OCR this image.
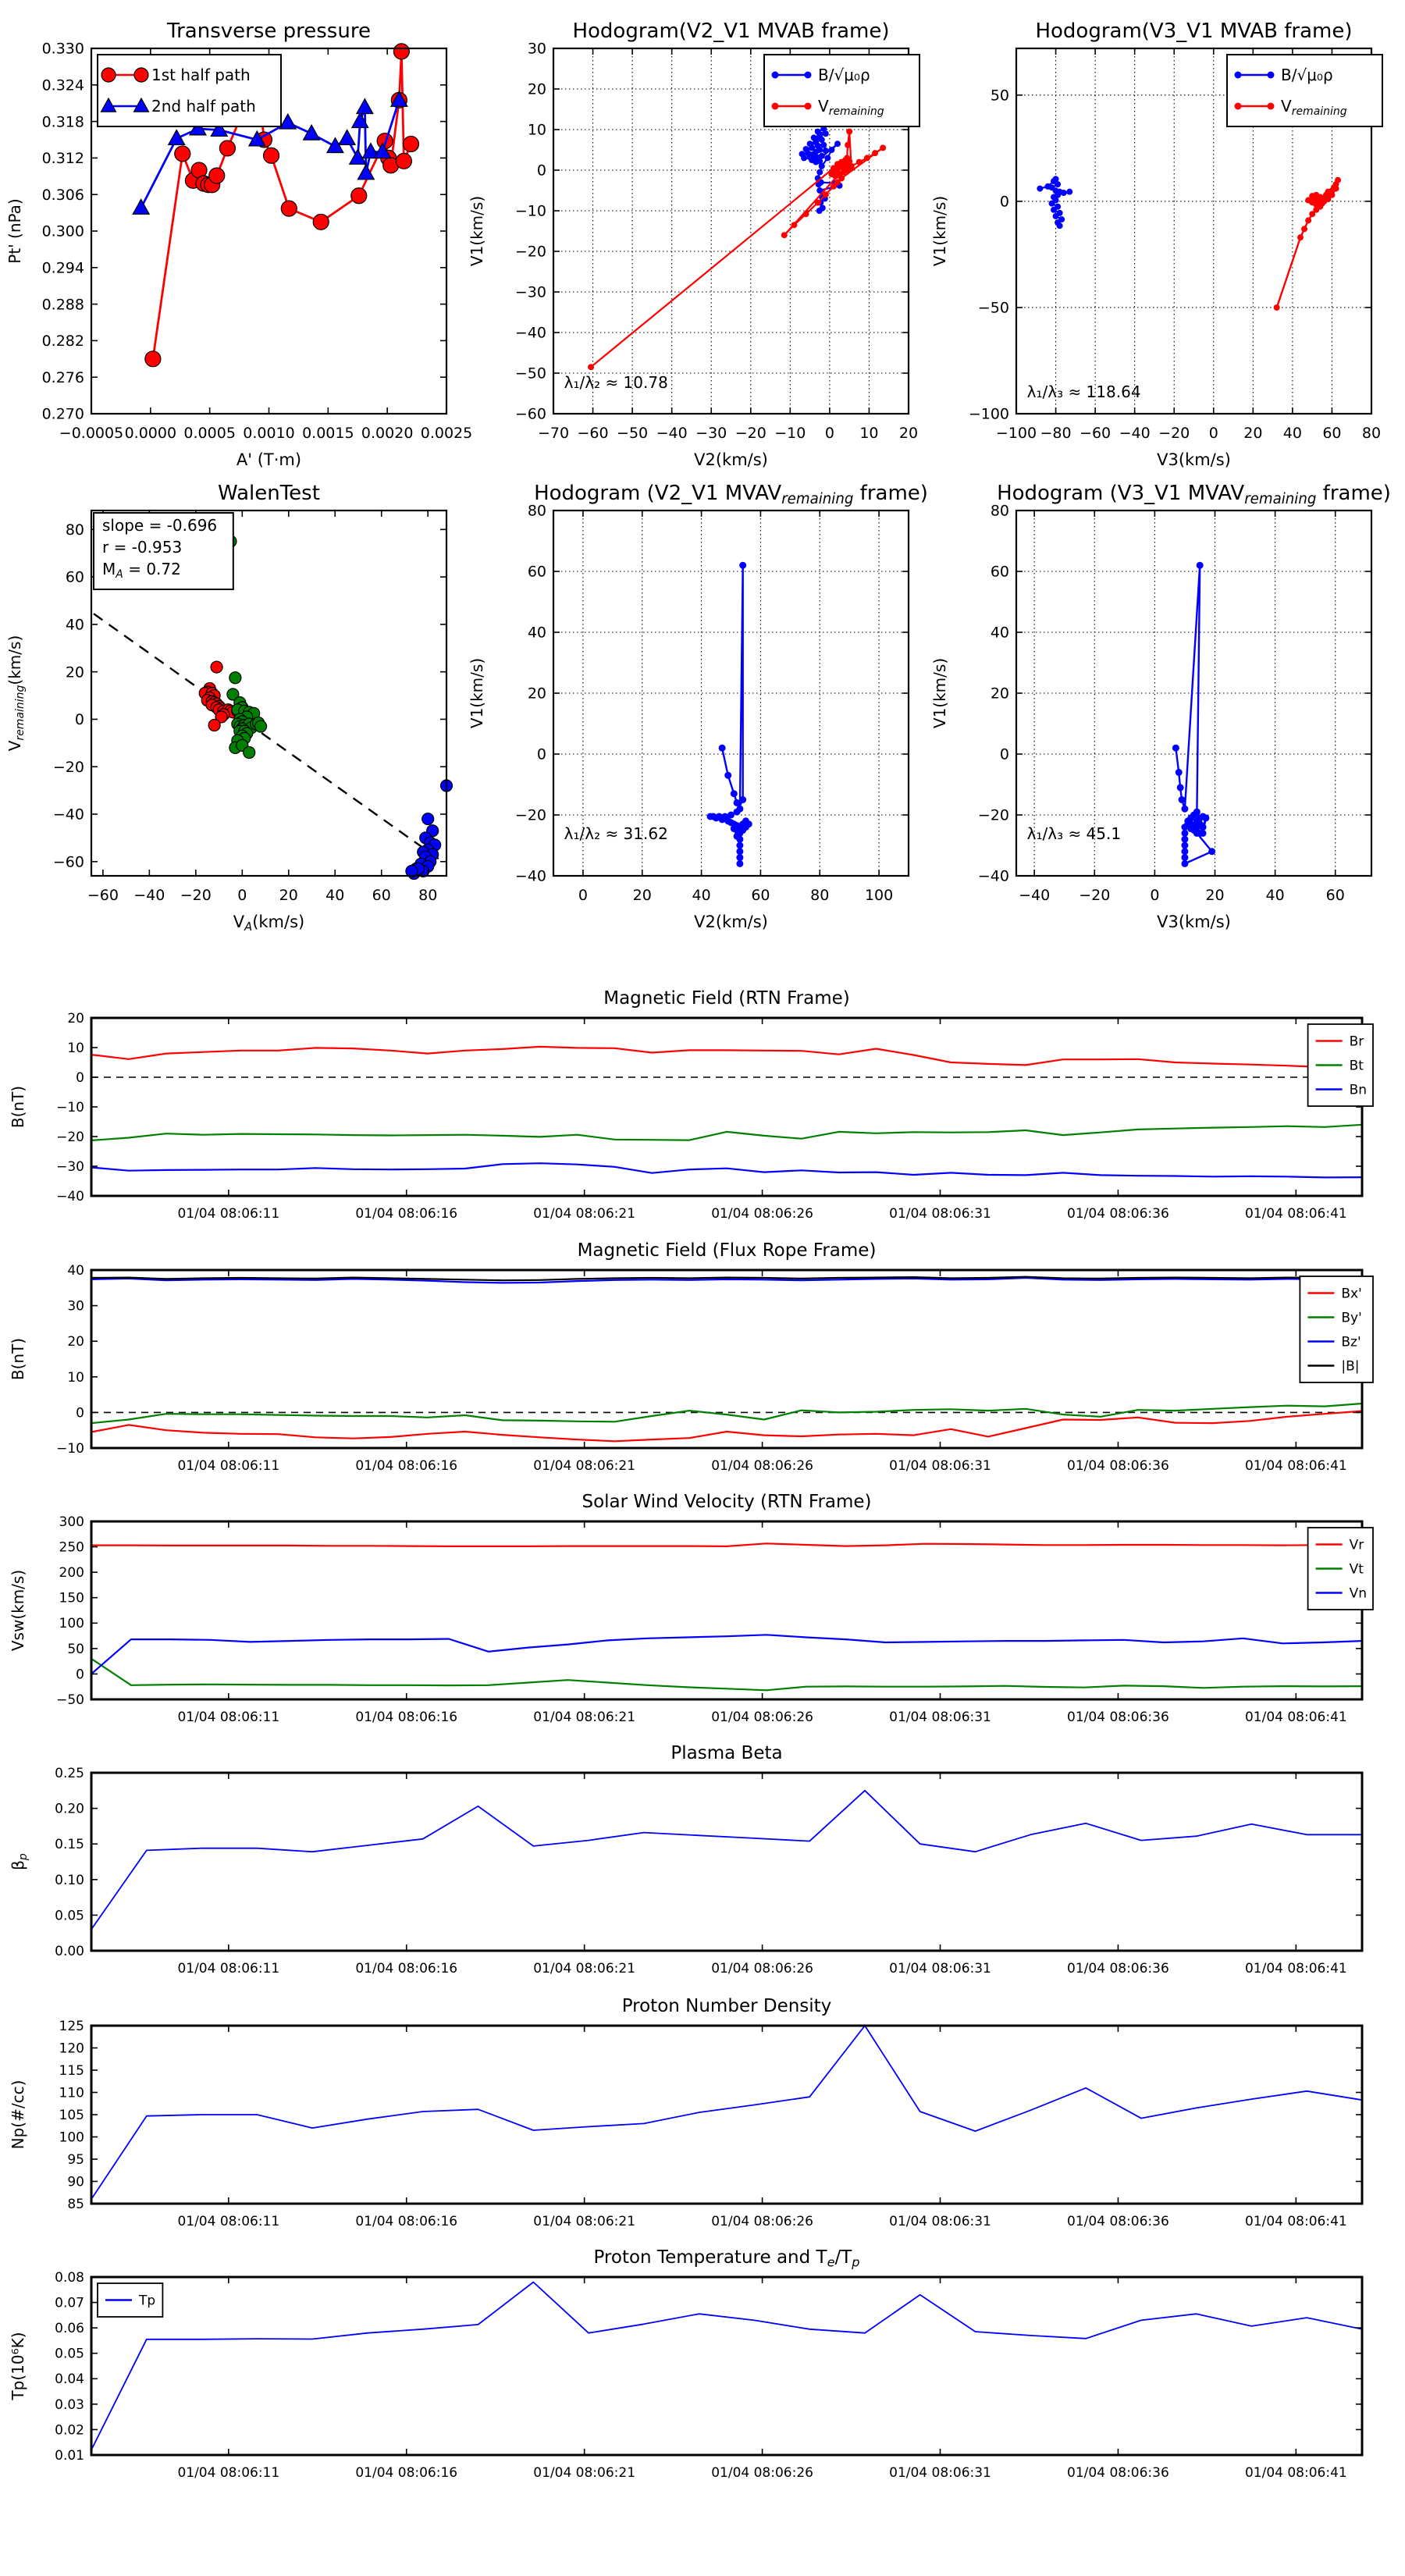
−0.0005 0.0000 0.0005 0.0010 0.0015 0.0020 0.0025
0.270
0.276
0.282
0.288
0.294
0.300
0.306
0.312
0.318
0.324
0.330
Transverse pressure
A' (T·m)
Pt' (nPa)
1st half path
2nd half path
−70 −60 −50 −40 −30 −20 −10 0 10 20
−60
−50
−40
−30
−20
−10
0
10
20
30
Hodogram(V2_V1 MVAB frame)
V2(km/s)
V1(km/s)
B/√μ₀ρ
$V_{remaining}$
λ₁/λ₂ ≈ 10.78
−100 −80 −60 −40 −20 0 20 40 60 80
−100
−50
0
50
Hodogram(V3_V1 MVAB frame)
V3(km/s)
V1(km/s)
B/√μ₀ρ
$V_{remaining}$
λ₁/λ₃ ≈ 118.64
−60 −40 −20 0 20 40 60 80
−60
−40
−20
0
20
40
60
80
WalenTest
$V_A(km/s)$
$V_{remaining}(km/s)$
slope = -0.696
r = -0.953
$M_A = 0.72$
0	20	40	60	80 100
−40
−20
0
20
40
60
80
Hodogram (V2_V1 $MVAV_{remaining}$ frame)
V2(km/s)
V1(km/s)
λ₁/λ₂ ≈ 31.62
−40 −20	0	20	40	60
−40
−20
0
20
40
60
80
Hodogram (V3_V1 $MVAV_{remaining}$ frame)
V3(km/s)
V1(km/s)
λ₁/λ₃ ≈ 45.1
01/04 08:06:11	01/04 08:06:16	01/04 08:06:21	01/04 08:06:26	01/04 08:06:31	01/04 08:06:36	01/04 08:06:41
−40
−30
−20
−10
0
10
20
Magnetic Field (RTN Frame)
B(nT)
Br
Bt
Bn
01/04 08:06:11	01/04 08:06:16	01/04 08:06:21	01/04 08:06:26	01/04 08:06:31	01/04 08:06:36	01/04 08:06:41
−10
0
10
20
30
40
Magnetic Field (Flux Rope Frame)
B(nT)
Bx'
By'
Bz'
|B|
01/04 08:06:11	01/04 08:06:16	01/04 08:06:21	01/04 08:06:26	01/04 08:06:31	01/04 08:06:36	01/04 08:06:41
−50
0
50
100
150
200
250
300
Solar Wind Velocity (RTN Frame)
Vsw(km/s)
Vr
Vt
Vn
01/04 08:06:11	01/04 08:06:16	01/04 08:06:21	01/04 08:06:26	01/04 08:06:31	01/04 08:06:36	01/04 08:06:41
0.00
0.05
0.10
0.15
0.20
0.25
Plasma Beta
$\beta_p$
01/04 08:06:11	01/04 08:06:16	01/04 08:06:21	01/04 08:06:26	01/04 08:06:31	01/04 08:06:36	01/04 08:06:41
85
90
95
100
105
110
115
120
125
Proton Number Density
Np(#/cc)
01/04 08:06:11	01/04 08:06:16	01/04 08:06:21	01/04 08:06:26	01/04 08:06:31	01/04 08:06:36	01/04 08:06:41
0.01
0.02
0.03
0.04
0.05
0.06
0.07
0.08
Proton Temperature and Te/Tp
Tp(10⁶K)
Tp
